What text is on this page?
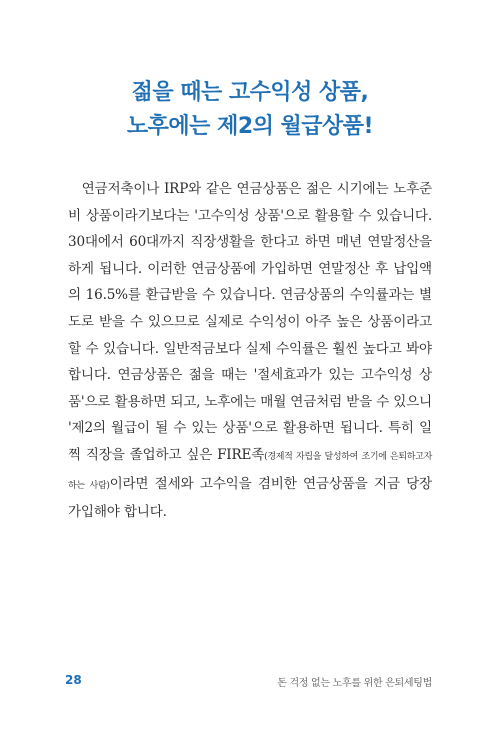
젊을 때는 고수익성 상품,
노후에는 제2의 월급상품!
연금저축이나 IRP와 같은 연금상품은 젊은 시기에는 노후준비 상품이라기보다는 '고수익성 상품'으로 활용할 수 있습니다. 30대에서 60대까지 직장생활을 한다고 하면 매년 연말정산을 하게 됩니다. 이러한 연금상품에 가입하면 연말정산 후 납입액의 16.5%를 환급받을 수 있습니다. 연금상품의 수익률과는 별도로 받을 수 있으므로 실제로 수익성이 아주 높은 상품이라고 할 수 있습니다. 일반적금보다 실제 수익률은 훨씬 높다고 봐야 합니다. 연금상품은 젊을 때는 '절세효과가 있는 고수익성 상품'으로 활용하면 되고, 노후에는 매월 연금처럼 받을 수 있으니 '제2의 월급이 될 수 있는 상품'으로 활용하면 됩니다. 특히 일찍 직장을 졸업하고 싶은 FIRE족(경제적 자립을 달성하여 조기에 은퇴하고자 하는 사람)이라면 절세와 고수익을 겸비한 연금상품을 지금 당장 가입해야 합니다.
28	돈 걱정 없는 노후를 위한 은퇴세팅법
